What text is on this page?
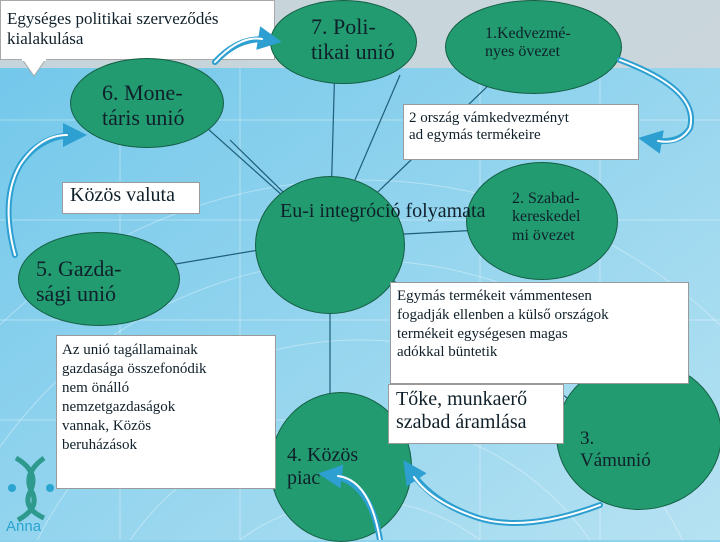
Anna
Egységes politikai szerveződés kialakulása	7. Poli-
tikai unió
1.Kedvezmé-
nyes övezet
6. Mone-
táris unió
2. Szabad-
kereskedel
mi övezet
Eu-i integróció folyamata
5. Gazda-
sági unió
4. Közös
piac
3.
Vámunió
2 ország vámkedvezményt
ad egymás termékeire
Egymás termékeit vámmentesen
fogadják ellenben a külső országok
termékeit egységesen magas
adókkal büntetik
Tőke, munkaerő
szabad áramlása
Az unió tagállamainak
gazdasága összefonódik
nem önálló
nemzetgazdaságok
vannak, Közös
beruházások
Közös valuta
